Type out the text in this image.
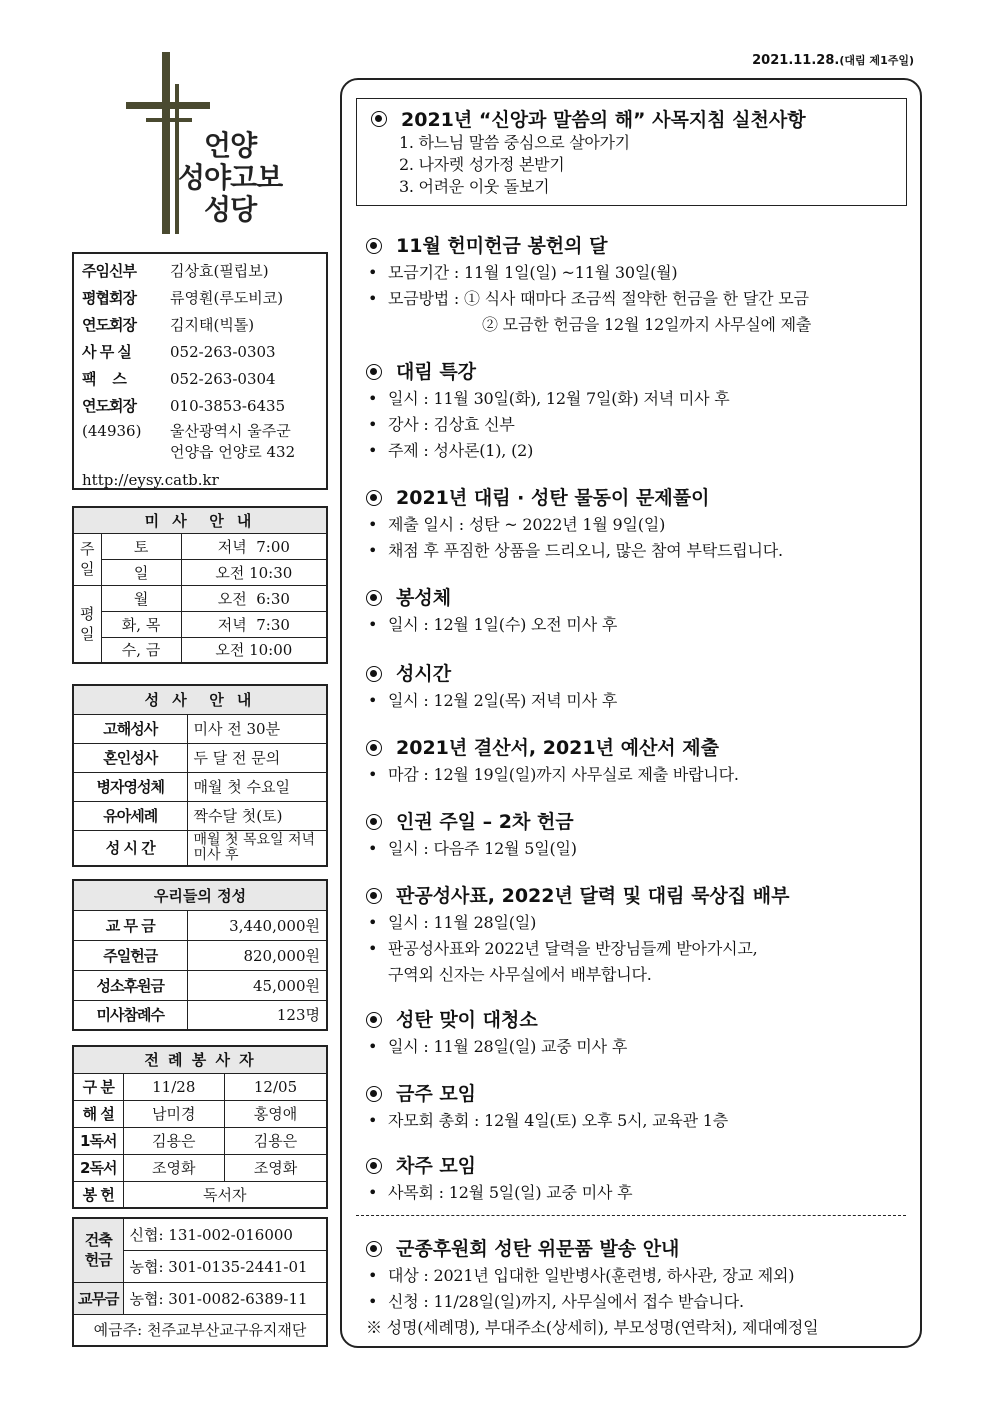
2021.11.28.(대림 제1주일)
언양
성야고보
성당
주임신부	김상효(필립보)
평협회장	류영훤(루도비코)
연도회장	김지태(빅톨)
사 무 실	052-263-0303
팩    스	052-263-0304
연도회장	010-3853-6435
(44936)	울산광역시 울주군
언양읍 언양로 432
http://eysy.catb.kr
미 사  안 내		
주일	토	저녁  7:00
	일	오전 10:30
평일	월	오전  6:30
	화, 목	저녁  7:30
	수, 금	오전 10:00
성 사  안 내	
고해성사	미사 전 30분
혼인성사	두 달 전 문의
병자영성체	매월 첫 수요일
유아세례	짝수달 첫(토)
성 시 간	매월 첫 목요일 저녁미사 후
우리들의 정성	
교 무 금	3,440,000원
주일헌금	820,000원
성소후원금	45,000원
미사참례수	123명
전 례 봉 사 자		
구 분	11/28	12/05
해 설	남미경	홍영애
1독서	김용은	김용은
2독서	조영화	조영화
봉 헌	독서자	
건축 헌금	신협: 131-002-016000
	농협: 301-0135-2441-01
교무금	농협: 301-0082-6389-11
예금주: 천주교부산교구유지재단	
2021년 “신앙과 말씀의 해” 사목지침 실천사항
1. 하느님 말씀 중심으로 살아가기
2. 나자렛 성가정 본받기
3. 어려운 이웃 돌보기
11월 헌미헌금 봉헌의 달
• 모금기간 : 11월 1일(일) ~11월 30일(월)
• 모금방법 : ① 식사 때마다 조금씩 절약한 헌금을 한 달간 모금
② 모금한 헌금을 12월 12일까지 사무실에 제출
대림 특강
• 일시 : 11월 30일(화), 12월 7일(화) 저녁 미사 후
• 강사 : 김상효 신부
• 주제 : 성사론(1), (2)
2021년 대림 · 성탄 물동이 문제풀이
• 제출 일시 : 성탄 ~ 2022년 1월 9일(일)
• 채점 후 푸짐한 상품을 드리오니, 많은 참여 부탁드립니다.
봉성체
• 일시 : 12월 1일(수) 오전 미사 후
성시간
• 일시 : 12월 2일(목) 저녁 미사 후
2021년 결산서, 2021년 예산서 제출
• 마감 : 12월 19일(일)까지 사무실로 제출 바랍니다.
인권 주일 – 2차 헌금
• 일시 : 다음주 12월 5일(일)
판공성사표, 2022년 달력 및 대림 묵상집 배부
• 일시 : 11월 28일(일)
• 판공성사표와 2022년 달력을 반장님들께 받아가시고,
구역외 신자는 사무실에서 배부합니다.
성탄 맞이 대청소
• 일시 : 11월 28일(일) 교중 미사 후
금주 모임
• 자모회 총회 : 12월 4일(토) 오후 5시, 교육관 1층
차주 모임
• 사목회 : 12월 5일(일) 교중 미사 후
군종후원회 성탄 위문품 발송 안내
• 대상 : 2021년 입대한 일반병사(훈련병, 하사관, 장교 제외)
• 신청 : 11/28일(일)까지, 사무실에서 접수 받습니다.
※ 성명(세례명), 부대주소(상세히), 부모성명(연락처), 제대예정일
